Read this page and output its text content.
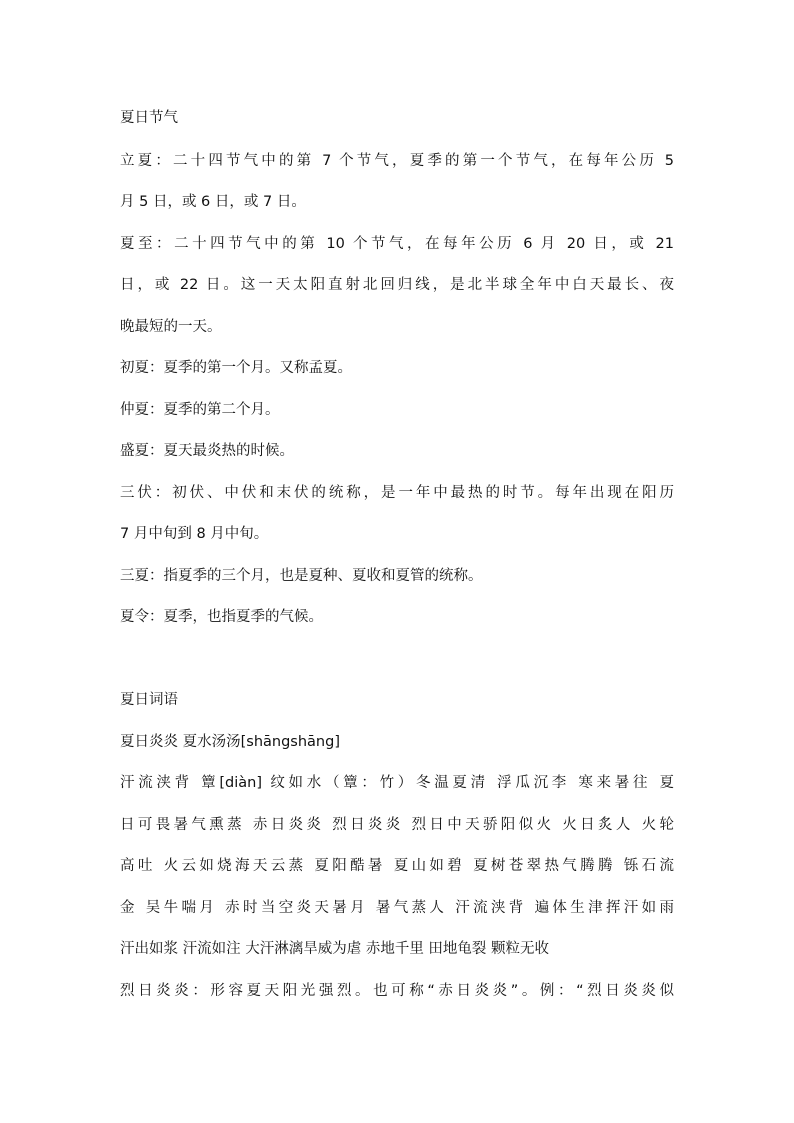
夏日节气
立夏：二十四节气中的第 7 个节气，夏季的第一个节气，在每年公历 5
月 5 日，或 6 日，或 7 日。
夏至：二十四节气中的第 10 个节气，在每年公历 6 月 20 日，或 21
日，或 22 日。这一天太阳直射北回归线，是北半球全年中白天最长、夜
晚最短的一天。
初夏：夏季的第一个月。又称孟夏。
仲夏：夏季的第二个月。
盛夏：夏天最炎热的时候。
三伏：初伏、中伏和末伏的统称，是一年中最热的时节。每年出现在阳历
7 月中旬到 8 月中旬。
三夏：指夏季的三个月，也是夏种、夏收和夏管的统称。
夏令：夏季，也指夏季的气候。
夏日词语
夏日炎炎 夏水汤汤[shāngshāng]
汗流浃背 簟[diàn] 纹如水（簟：竹）冬温夏清 浮瓜沉李 寒来暑往 夏
日可畏暑气熏蒸 赤日炎炎 烈日炎炎 烈日中天骄阳似火 火日炙人 火轮
高吐 火云如烧海天云蒸 夏阳酷暑 夏山如碧 夏树苍翠热气腾腾 铄石流
金 吴牛喘月 赤时当空炎天暑月 暑气蒸人 汗流浃背 遍体生津挥汗如雨
汗出如浆 汗流如注 大汗淋漓旱威为虐 赤地千里 田地龟裂 颗粒无收
烈日炎炎：形容夏天阳光强烈。也可称“赤日炎炎”。例：“烈日炎炎似
